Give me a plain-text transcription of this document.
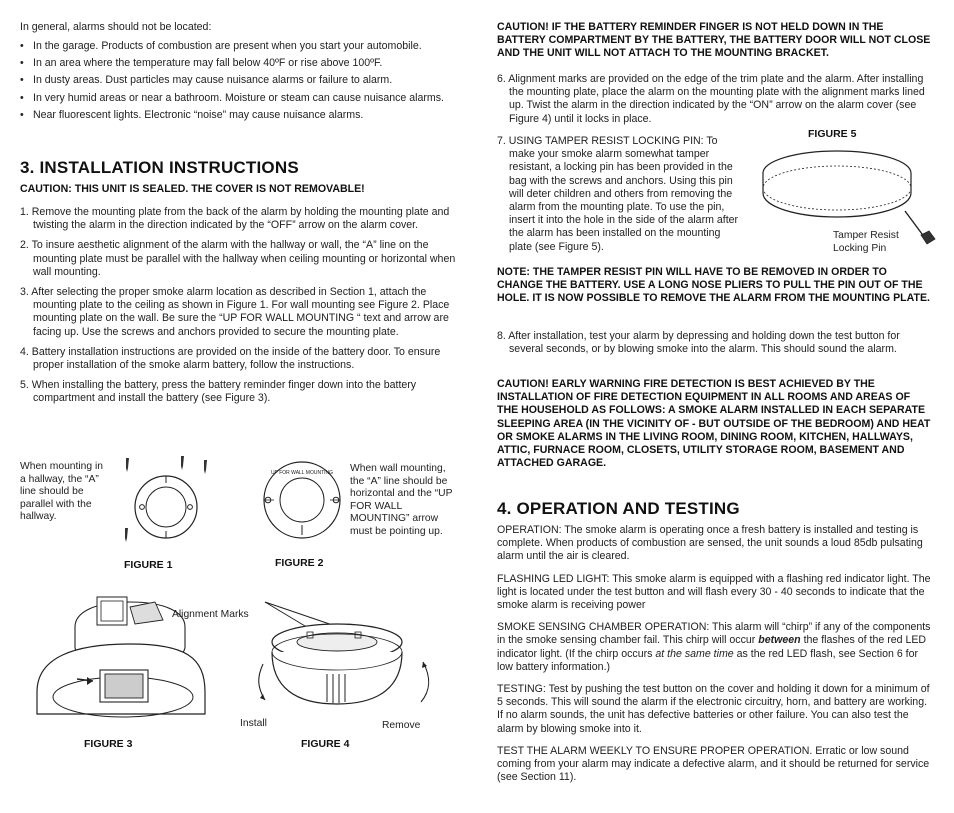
In general, alarms should not be located:

• In the garage. Products of combustion are present when you start your automobile.
• In an area where the temperature may fall below 40ºF or rise above 100ºF.
• In dusty areas. Dust particles may cause nuisance alarms or failure to alarm.
• In very humid areas or near a bathroom. Moisture or steam can cause nuisance alarms.
• Near fluorescent lights. Electronic “noise” may cause nuisance alarms.
3. INSTALLATION INSTRUCTIONS

CAUTION: THIS UNIT IS SEALED. THE COVER IS NOT REMOVABLE!

1. Remove the mounting plate from the back of the alarm by holding the mounting plate and twisting the alarm in the direction indicated by the “OFF” arrow on the alarm cover.
2. To insure aesthetic alignment of the alarm with the hallway or wall, the “A” line on the mounting plate must be parallel with the hallway when ceiling mounting or horizontal when wall mounting.
3. After selecting the proper smoke alarm location as described in Section 1, attach the mounting plate to the ceiling as shown in Figure 1. For wall mounting see Figure 2. Place mounting plate on the wall. Be sure the “UP FOR WALL MOUNTING “ text and arrow are facing up. Use the screws and anchors provided to secure the mounting plate.
4. Battery installation instructions are provided on the inside of the battery door. To ensure proper installation of the smoke alarm battery, follow the instructions.
5. When installing the battery, press the battery reminder finger down into the battery compartment and install the battery (see Figure 3).

When mounting in a hallway, the “A” line should be parallel with the hallway.

When wall mounting, the “A” line should be horizontal and the “UP FOR WALL MOUNTING” arrow must be pointing up.

UP FOR WALL MOUNTING
FIGURE 1	FIGURE 2
Alignment Marks
Install	Remove
FIGURE 3	FIGURE 4

CAUTION! IF THE BATTERY REMINDER FINGER IS NOT HELD DOWN IN THE BATTERY COMPARTMENT BY THE BATTERY, THE BATTERY DOOR WILL NOT CLOSE AND THE UNIT WILL NOT ATTACH TO THE MOUNTING BRACKET.

6. Alignment marks are provided on the edge of the trim plate and the alarm. After installing the mounting plate, place the alarm on the mounting plate with the alignment marks lined up. Twist the alarm in the direction indicated by the “ON” arrow on the alarm cover (see Figure 4) until it locks in place.

7. USING TAMPER RESIST LOCKING PIN: To make your smoke alarm somewhat tamper resistant, a locking pin has been provided in the bag with the screws and anchors. Using this pin will deter children and others from removing the alarm from the mounting plate. To use the pin, insert it into the hole in the side of the alarm after the alarm has been installed on the mounting plate (see Figure 5).

FIGURE 5

Tamper Resist Locking Pin

NOTE: THE TAMPER RESIST PIN WILL HAVE TO BE REMOVED IN ORDER TO CHANGE THE BATTERY. USE A LONG NOSE PLIERS TO PULL THE PIN OUT OF THE HOLE. IT IS NOW POSSIBLE TO REMOVE THE ALARM FROM THE MOUNTING PLATE.

8. After installation, test your alarm by depressing and holding down the test button for several seconds, or by blowing smoke into the alarm. This should sound the alarm.

CAUTION! EARLY WARNING FIRE DETECTION IS BEST ACHIEVED BY THE INSTALLATION OF FIRE DETECTION EQUIPMENT IN ALL ROOMS AND AREAS OF THE HOUSEHOLD AS FOLLOWS: A SMOKE ALARM INSTALLED IN EACH SEPARATE SLEEPING AREA (IN THE VICINITY OF - BUT OUTSIDE OF THE BEDROOM) AND HEAT OR SMOKE ALARMS IN THE LIVING ROOM, DINING ROOM, KITCHEN, HALLWAYS, ATTIC, FURNACE ROOM, CLOSETS, UTILITY STORAGE ROOM, BASEMENT AND ATTACHED GARAGE.

4. OPERATION AND TESTING

OPERATION: The smoke alarm is operating once a fresh battery is installed and testing is complete. When products of combustion are sensed, the unit sounds a loud 85db pulsating alarm until the air is cleared.

FLASHING LED LIGHT: This smoke alarm is equipped with a flashing red indicator light. The light is located under the test button and will flash every 30 - 40 seconds to indicate that the smoke alarm is receiving power

SMOKE SENSING CHAMBER OPERATION: This alarm will “chirp” if any of the components in the smoke sensing chamber fail. This chirp will occur between the flashes of the red LED indicator light. (If the chirp occurs at the same time as the red LED flash, see Section 6 for low battery information.)

TESTING: Test by pushing the test button on the cover and holding it down for a minimum of 5 seconds. This will sound the alarm if the electronic circuitry, horn, and battery are working. If no alarm sounds, the unit has defective batteries or other failure. You can also test the alarm by blowing smoke into it.

TEST THE ALARM WEEKLY TO ENSURE PROPER OPERATION. Erratic or low sound coming from your alarm may indicate a defective alarm, and it should be returned for service (see Section 11).
